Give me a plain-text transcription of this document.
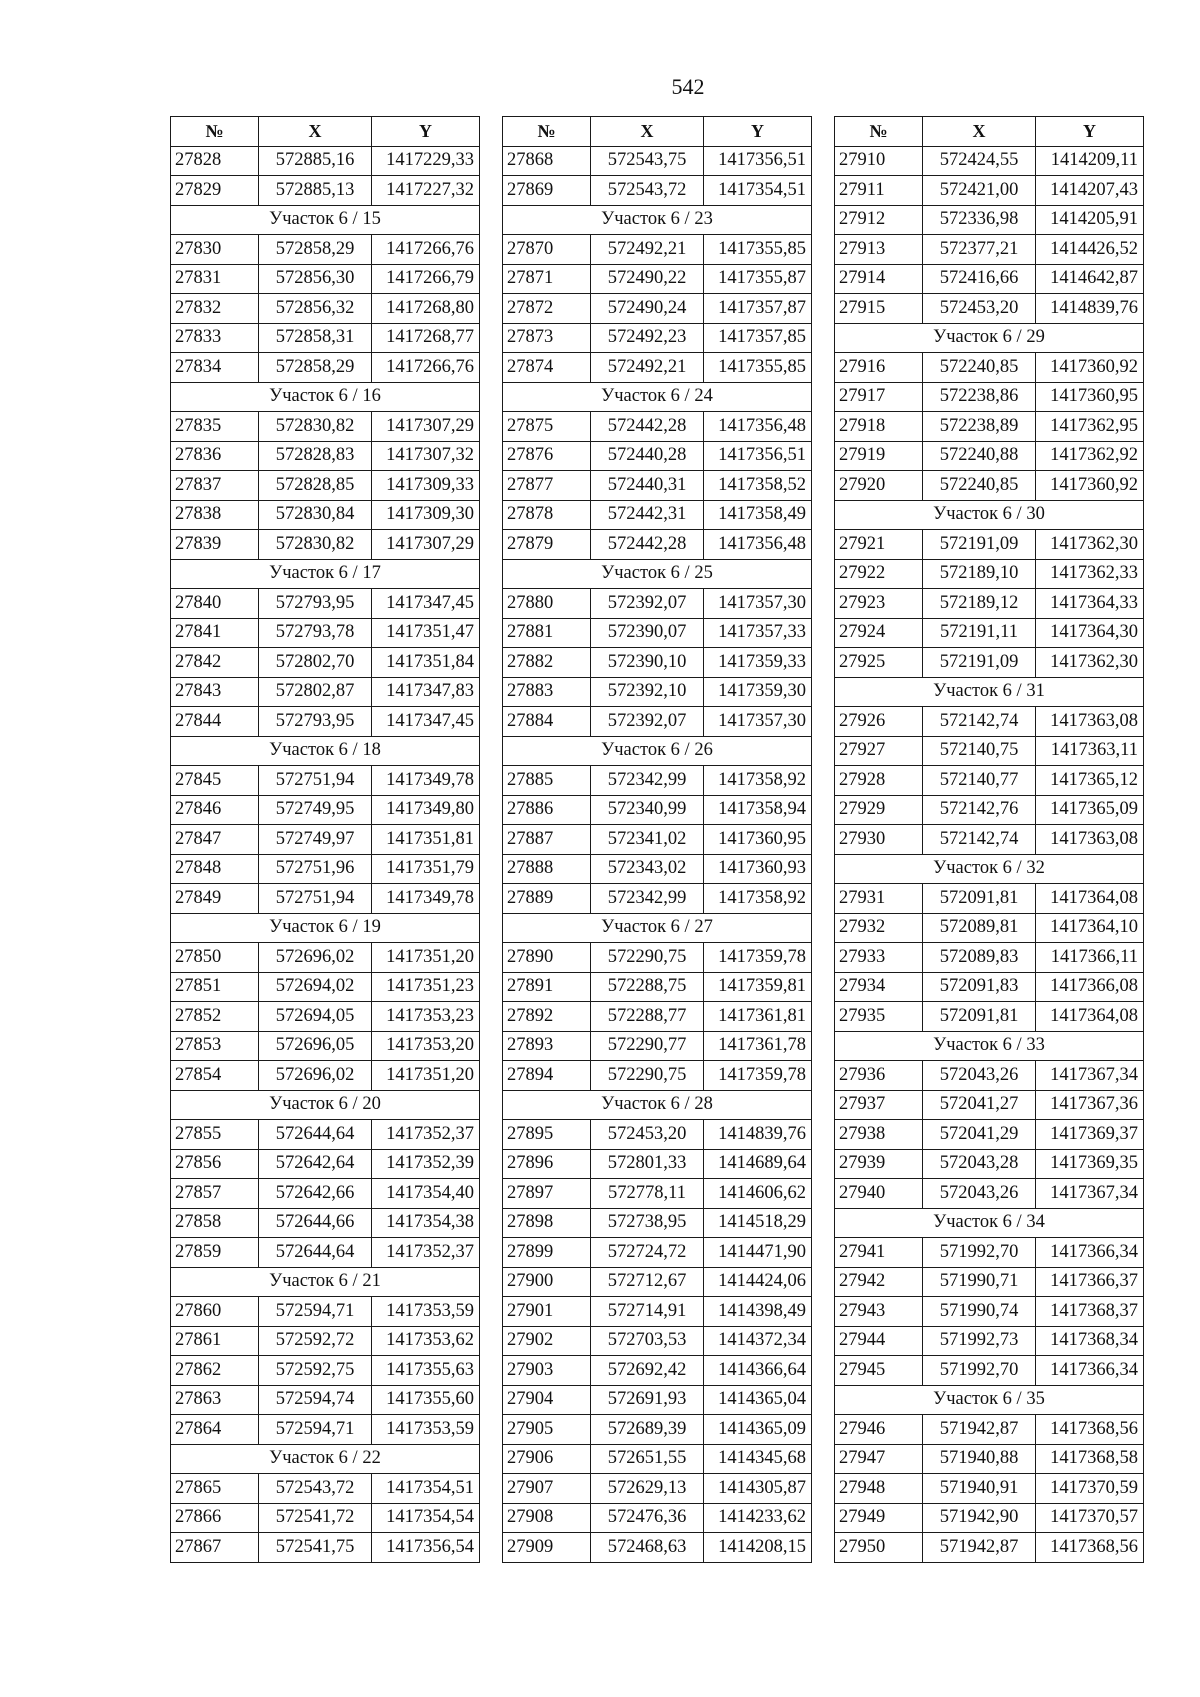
542
№	X	Y
27828	572885,16	1417229,33
27829	572885,13	1417227,32
Участок 6 / 15		
27830	572858,29	1417266,76
27831	572856,30	1417266,79
27832	572856,32	1417268,80
27833	572858,31	1417268,77
27834	572858,29	1417266,76
Участок 6 / 16		
27835	572830,82	1417307,29
27836	572828,83	1417307,32
27837	572828,85	1417309,33
27838	572830,84	1417309,30
27839	572830,82	1417307,29
Участок 6 / 17		
27840	572793,95	1417347,45
27841	572793,78	1417351,47
27842	572802,70	1417351,84
27843	572802,87	1417347,83
27844	572793,95	1417347,45
Участок 6 / 18		
27845	572751,94	1417349,78
27846	572749,95	1417349,80
27847	572749,97	1417351,81
27848	572751,96	1417351,79
27849	572751,94	1417349,78
Участок 6 / 19		
27850	572696,02	1417351,20
27851	572694,02	1417351,23
27852	572694,05	1417353,23
27853	572696,05	1417353,20
27854	572696,02	1417351,20
Участок 6 / 20		
27855	572644,64	1417352,37
27856	572642,64	1417352,39
27857	572642,66	1417354,40
27858	572644,66	1417354,38
27859	572644,64	1417352,37
Участок 6 / 21		
27860	572594,71	1417353,59
27861	572592,72	1417353,62
27862	572592,75	1417355,63
27863	572594,74	1417355,60
27864	572594,71	1417353,59
Участок 6 / 22		
27865	572543,72	1417354,51
27866	572541,72	1417354,54
27867	572541,75	1417356,54
№	X	Y
27868	572543,75	1417356,51
27869	572543,72	1417354,51
Участок 6 / 23		
27870	572492,21	1417355,85
27871	572490,22	1417355,87
27872	572490,24	1417357,87
27873	572492,23	1417357,85
27874	572492,21	1417355,85
Участок 6 / 24		
27875	572442,28	1417356,48
27876	572440,28	1417356,51
27877	572440,31	1417358,52
27878	572442,31	1417358,49
27879	572442,28	1417356,48
Участок 6 / 25		
27880	572392,07	1417357,30
27881	572390,07	1417357,33
27882	572390,10	1417359,33
27883	572392,10	1417359,30
27884	572392,07	1417357,30
Участок 6 / 26		
27885	572342,99	1417358,92
27886	572340,99	1417358,94
27887	572341,02	1417360,95
27888	572343,02	1417360,93
27889	572342,99	1417358,92
Участок 6 / 27		
27890	572290,75	1417359,78
27891	572288,75	1417359,81
27892	572288,77	1417361,81
27893	572290,77	1417361,78
27894	572290,75	1417359,78
Участок 6 / 28		
27895	572453,20	1414839,76
27896	572801,33	1414689,64
27897	572778,11	1414606,62
27898	572738,95	1414518,29
27899	572724,72	1414471,90
27900	572712,67	1414424,06
27901	572714,91	1414398,49
27902	572703,53	1414372,34
27903	572692,42	1414366,64
27904	572691,93	1414365,04
27905	572689,39	1414365,09
27906	572651,55	1414345,68
27907	572629,13	1414305,87
27908	572476,36	1414233,62
27909	572468,63	1414208,15
№	X	Y
27910	572424,55	1414209,11
27911	572421,00	1414207,43
27912	572336,98	1414205,91
27913	572377,21	1414426,52
27914	572416,66	1414642,87
27915	572453,20	1414839,76
Участок 6 / 29		
27916	572240,85	1417360,92
27917	572238,86	1417360,95
27918	572238,89	1417362,95
27919	572240,88	1417362,92
27920	572240,85	1417360,92
Участок 6 / 30		
27921	572191,09	1417362,30
27922	572189,10	1417362,33
27923	572189,12	1417364,33
27924	572191,11	1417364,30
27925	572191,09	1417362,30
Участок 6 / 31		
27926	572142,74	1417363,08
27927	572140,75	1417363,11
27928	572140,77	1417365,12
27929	572142,76	1417365,09
27930	572142,74	1417363,08
Участок 6 / 32		
27931	572091,81	1417364,08
27932	572089,81	1417364,10
27933	572089,83	1417366,11
27934	572091,83	1417366,08
27935	572091,81	1417364,08
Участок 6 / 33		
27936	572043,26	1417367,34
27937	572041,27	1417367,36
27938	572041,29	1417369,37
27939	572043,28	1417369,35
27940	572043,26	1417367,34
Участок 6 / 34		
27941	571992,70	1417366,34
27942	571990,71	1417366,37
27943	571990,74	1417368,37
27944	571992,73	1417368,34
27945	571992,70	1417366,34
Участок 6 / 35		
27946	571942,87	1417368,56
27947	571940,88	1417368,58
27948	571940,91	1417370,59
27949	571942,90	1417370,57
27950	571942,87	1417368,56
